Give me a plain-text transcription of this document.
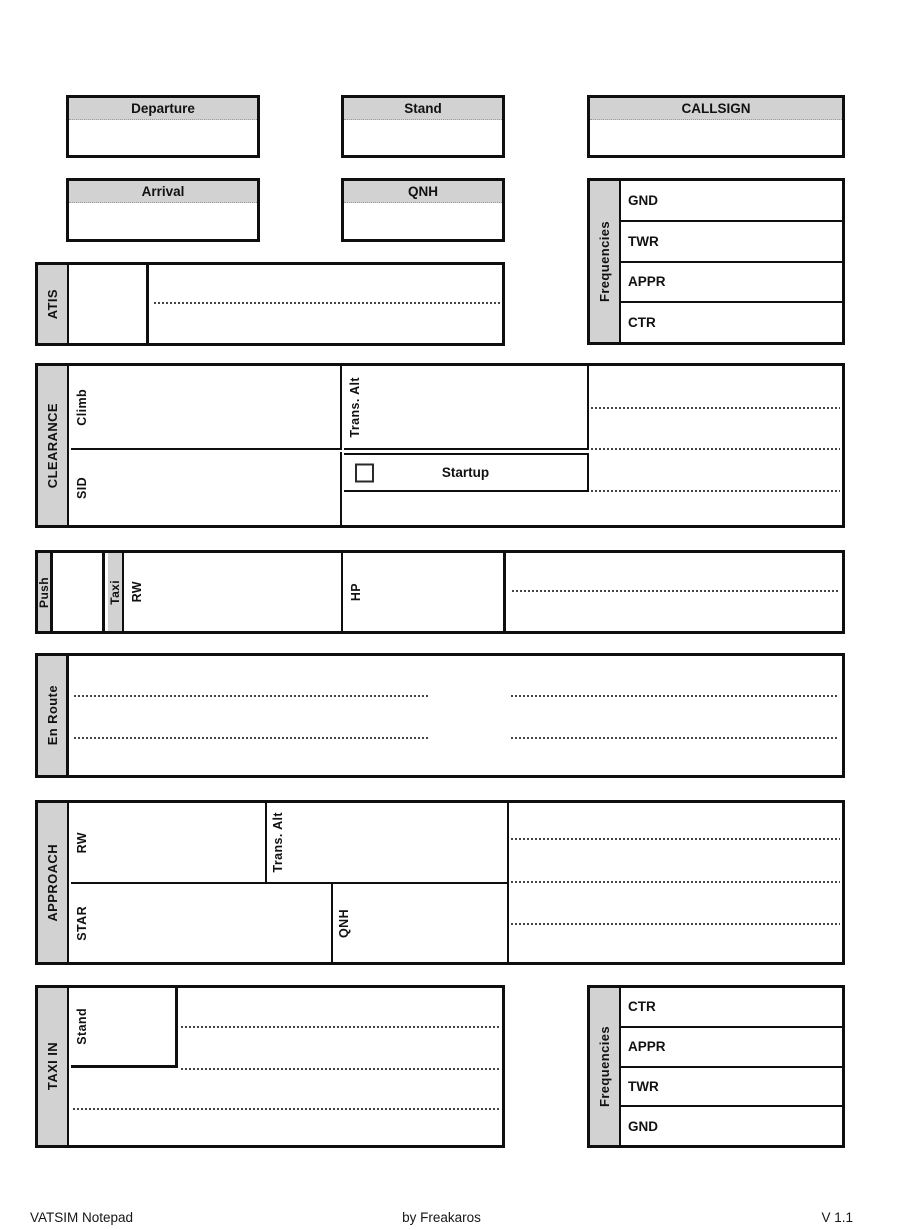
Departure	Stand	CALLSIGN
Arrival	QNH
Frequencies
GND
TWR
APPR
CTR
ATIS
CLEARANCE Climb
SID
Trans. Alt
Startup
Push	Taxi RW	HP
En Route
APPROACH
RW	Trans. Alt
STAR	QNH
TAXI IN
Stand	Frequencies
CTR
APPR
TWR
GND
VATSIM Notepad	by Freakaros	V 1.1
